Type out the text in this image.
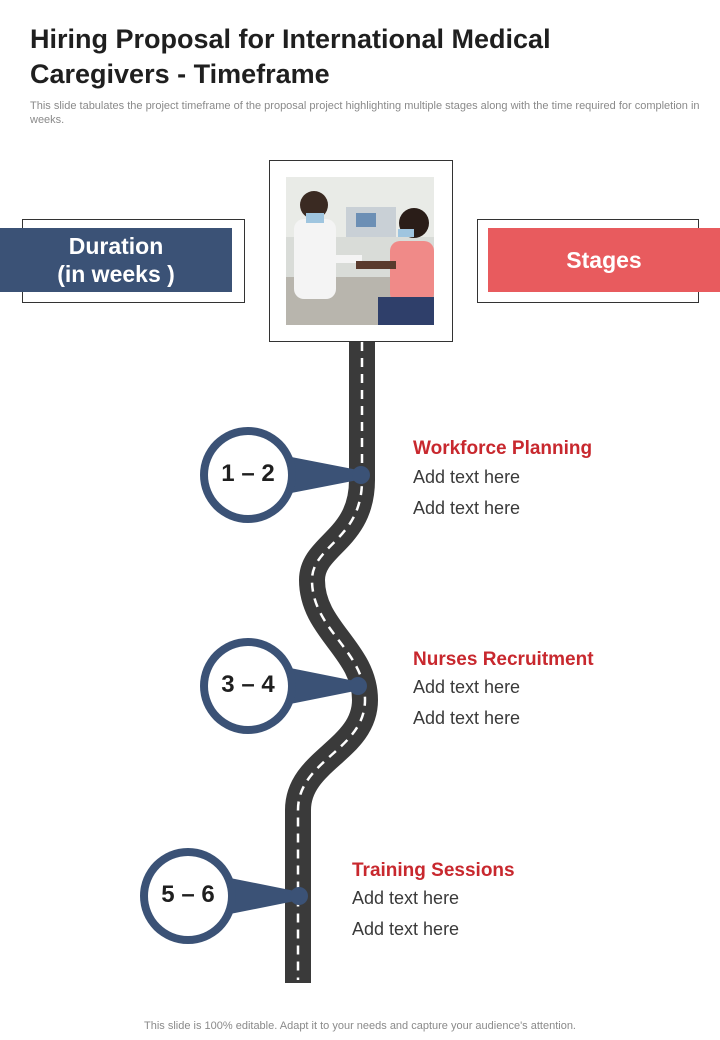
Hiring Proposal for International Medical
Caregivers - Timeframe

This slide tabulates the project timeframe of the proposal project highlighting multiple stages along with the time required for completion in weeks.

Duration
(in weeks )
Stages
1 – 2
3 – 4
5 – 6
Workforce Planning
Add text here
Add text here
Nurses Recruitment
Add text here
Add text here
Training Sessions
Add text here
Add text here
This slide is 100% editable. Adapt it to your needs and capture your audience's attention.
